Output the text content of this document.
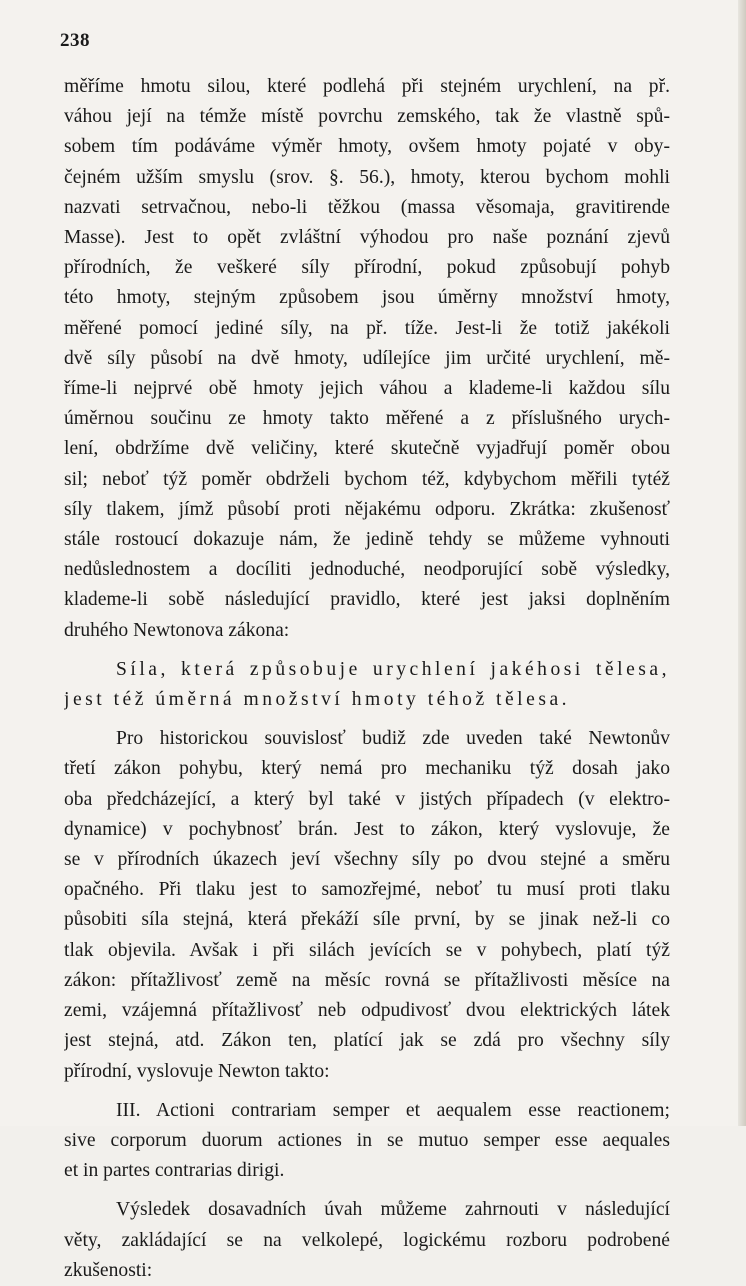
238
měříme hmotu silou, které podlehá při stejném urychlení, na př.
váhou její na témže místě povrchu zemského, tak že vlastně spů-
sobem tím podáváme výměr hmoty, ovšem hmoty pojaté v oby-
čejném užším smyslu (srov. §. 56.), hmoty, kterou bychom mohli
nazvati setrvačnou, nebo-li těžkou (massa věsomaja, gravitirende
Masse). Jest to opět zvláštní výhodou pro naše poznání zjevů
přírodních, že veškeré síly přírodní, pokud způsobují pohyb
této hmoty, stejným způsobem jsou úměrny množství hmoty,
měřené pomocí jediné síly, na př. tíže. Jest-li že totiž jakékoli
dvě síly působí na dvě hmoty, udílejíce jim určité urychlení, mě-
říme-li nejprvé obě hmoty jejich váhou a klademe-li každou sílu
úměrnou součinu ze hmoty takto měřené a z příslušného urych-
lení, obdržíme dvě veličiny, které skutečně vyjadřují poměr obou
sil; neboť týž poměr obdrželi bychom též, kdybychom měřili tytéž
síly tlakem, jímž působí proti nějakému odporu. Zkrátka: zkušenosť
stále rostoucí dokazuje nám, že jedině tehdy se můžeme vyhnouti
nedůslednostem a docíliti jednoduché, neodporující sobě výsledky,
klademe-li sobě následující pravidlo, které jest jaksi doplněním
druhého Newtonova zákona:
Síla, která způsobuje urychlení jakéhosi tělesa,
jest též úměrná množství hmoty téhož tělesa.
Pro historickou souvislosť budiž zde uveden také Newtonův
třetí zákon pohybu, který nemá pro mechaniku týž dosah jako
oba předcházející, a který byl také v jistých případech (v elektro-
dynamice) v pochybnosť brán. Jest to zákon, který vyslovuje, že
se v přírodních úkazech jeví všechny síly po dvou stejné a směru
opačného. Při tlaku jest to samozřejmé, neboť tu musí proti tlaku
působiti síla stejná, která překáží síle první, by se jinak než-li co
tlak objevila. Avšak i při silách jevících se v pohybech, platí týž
zákon: přítažlivosť země na měsíc rovná se přítažlivosti měsíce na
zemi, vzájemná přítažlivosť neb odpudivosť dvou elektrických látek
jest stejná, atd. Zákon ten, platící jak se zdá pro všechny síly
přírodní, vyslovuje Newton takto:
III. Actioni contrariam semper et aequalem esse reactionem;
sive corporum duorum actiones in se mutuo semper esse aequales
et in partes contrarias dirigi.
Výsledek dosavadních úvah můžeme zahrnouti v následující
věty, zakládající se na velkolepé, logickému rozboru podrobené
zkušenosti:
